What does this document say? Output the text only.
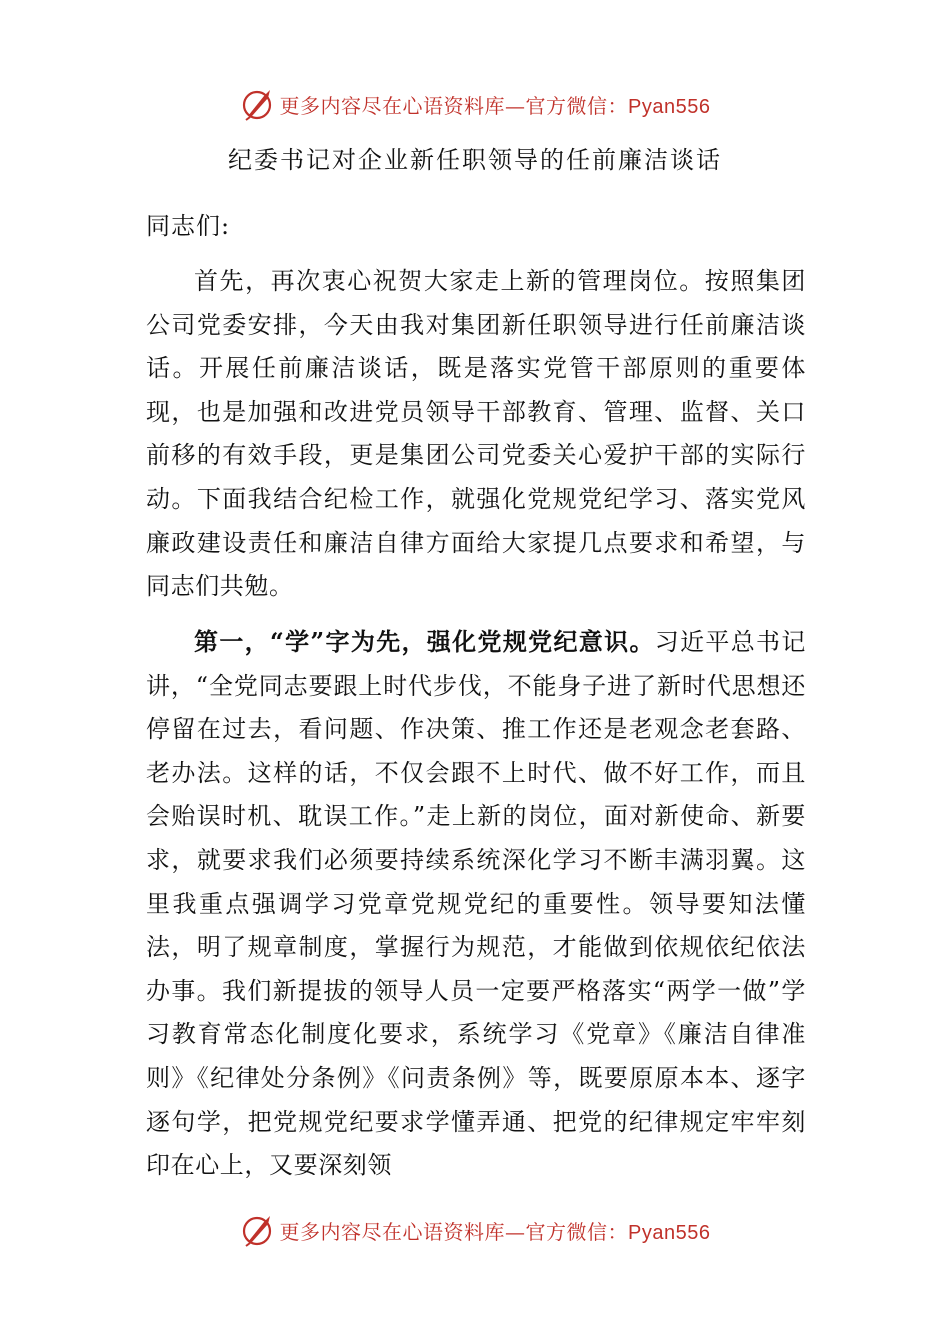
更多内容尽在心语资料库—官方微信：Pyan556
纪委书记对企业新任职领导的任前廉洁谈话
同志们:

首先，再次衷心祝贺大家走上新的管理岗位。按照集团公司党委安排，今天由我对集团新任职领导进行任前廉洁谈话。开展任前廉洁谈话，既是落实党管干部原则的重要体现，也是加强和改进党员领导干部教育、管理、监督、关口前移的有效手段，更是集团公司党委关心爱护干部的实际行动。下面我结合纪检工作，就强化党规党纪学习、落实党风廉政建设责任和廉洁自律方面给大家提几点要求和希望，与同志们共勉。

第一，“学”字为先，强化党规党纪意识。习近平总书记讲，“全党同志要跟上时代步伐，不能身子进了新时代思想还停留在过去，看问题、作决策、推工作还是老观念老套路、老办法。这样的话，不仅会跟不上时代、做不好工作，而且会贻误时机、耽误工作。”走上新的岗位，面对新使命、新要求，就要求我们必须要持续系统深化学习不断丰满羽翼。这里我重点强调学习党章党规党纪的重要性。领导要知法懂法，明了规章制度，掌握行为规范，才能做到依规依纪依法办事。我们新提拔的领导人员一定要严格落实“两学一做”学习教育常态化制度化要求，系统学习《党章》《廉洁自律准则》《纪律处分条例》《问责条例》等，既要原原本本、逐字逐句学，把党规党纪要求学懂弄通、把党的纪律规定牢牢刻印在心上，又要深刻领

更多内容尽在心语资料库—官方微信：Pyan556
